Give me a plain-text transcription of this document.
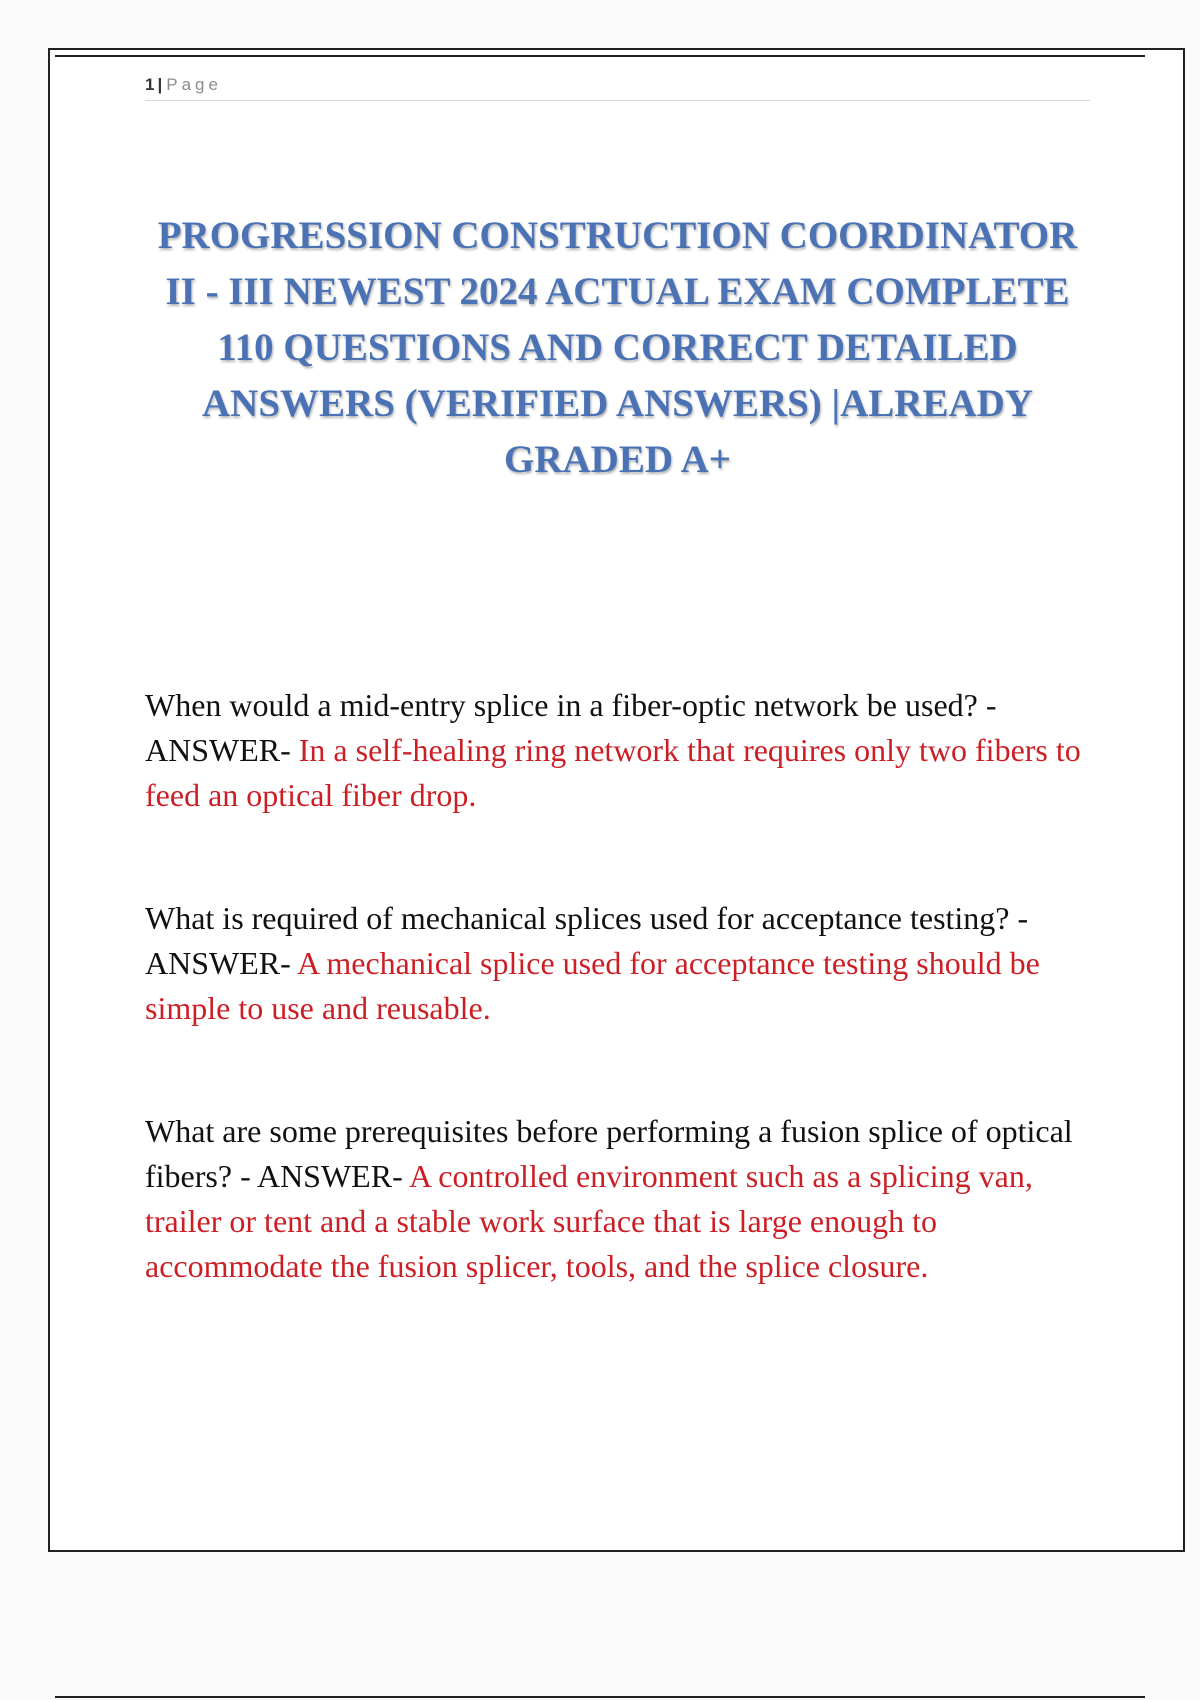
1 | Page
PROGRESSION CONSTRUCTION COORDINATOR II - III NEWEST 2024 ACTUAL EXAM COMPLETE 110 QUESTIONS AND CORRECT DETAILED ANSWERS (VERIFIED ANSWERS) |ALREADY GRADED A+
When would a mid-entry splice in a fiber-optic network be used? - ANSWER- In a self-healing ring network that requires only two fibers to feed an optical fiber drop.
What is required of mechanical splices used for acceptance testing? - ANSWER- A mechanical splice used for acceptance testing should be simple to use and reusable.
What are some prerequisites before performing a fusion splice of optical fibers? - ANSWER- A controlled environment such as a splicing van, trailer or tent and a stable work surface that is large enough to accommodate the fusion splicer, tools, and the splice closure.
